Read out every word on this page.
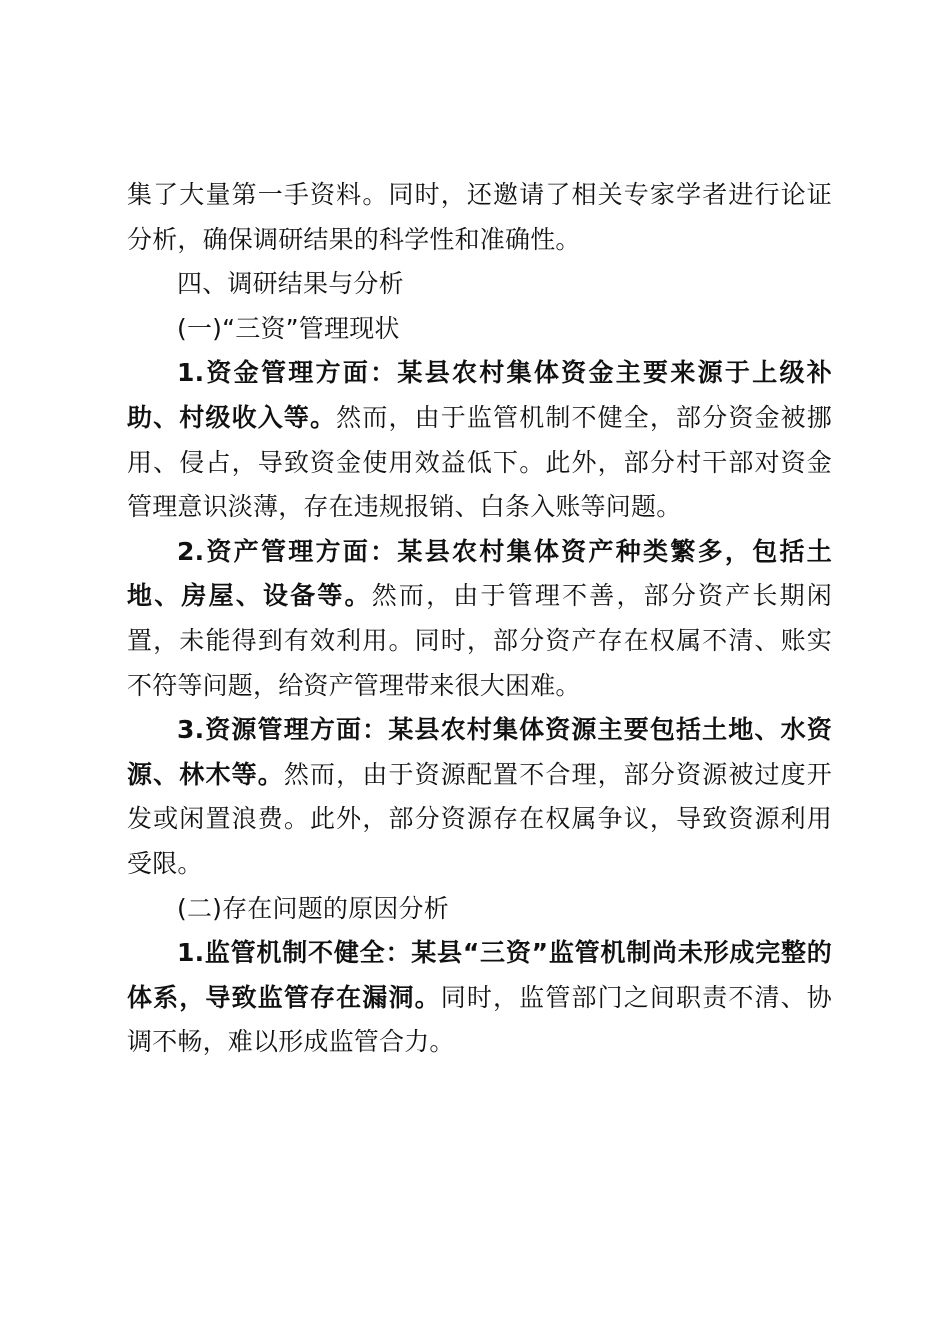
集了大量第一手资料。同时，还邀请了相关专家学者进行论证分析，确保调研结果的科学性和准确性。

四、调研结果与分析

(一)“三资”管理现状

1.资金管理方面：某县农村集体资金主要来源于上级补助、村级收入等。然而，由于监管机制不健全，部分资金被挪用、侵占，导致资金使用效益低下。此外，部分村干部对资金管理意识淡薄，存在违规报销、白条入账等问题。

2.资产管理方面：某县农村集体资产种类繁多，包括土地、房屋、设备等。然而，由于管理不善，部分资产长期闲置，未能得到有效利用。同时，部分资产存在权属不清、账实不符等问题，给资产管理带来很大困难。

3.资源管理方面：某县农村集体资源主要包括土地、水资源、林木等。然而，由于资源配置不合理，部分资源被过度开发或闲置浪费。此外，部分资源存在权属争议，导致资源利用受限。

(二)存在问题的原因分析

1.监管机制不健全：某县“三资”监管机制尚未形成完整的体系，导致监管存在漏洞。同时，监管部门之间职责不清、协调不畅，难以形成监管合力。
